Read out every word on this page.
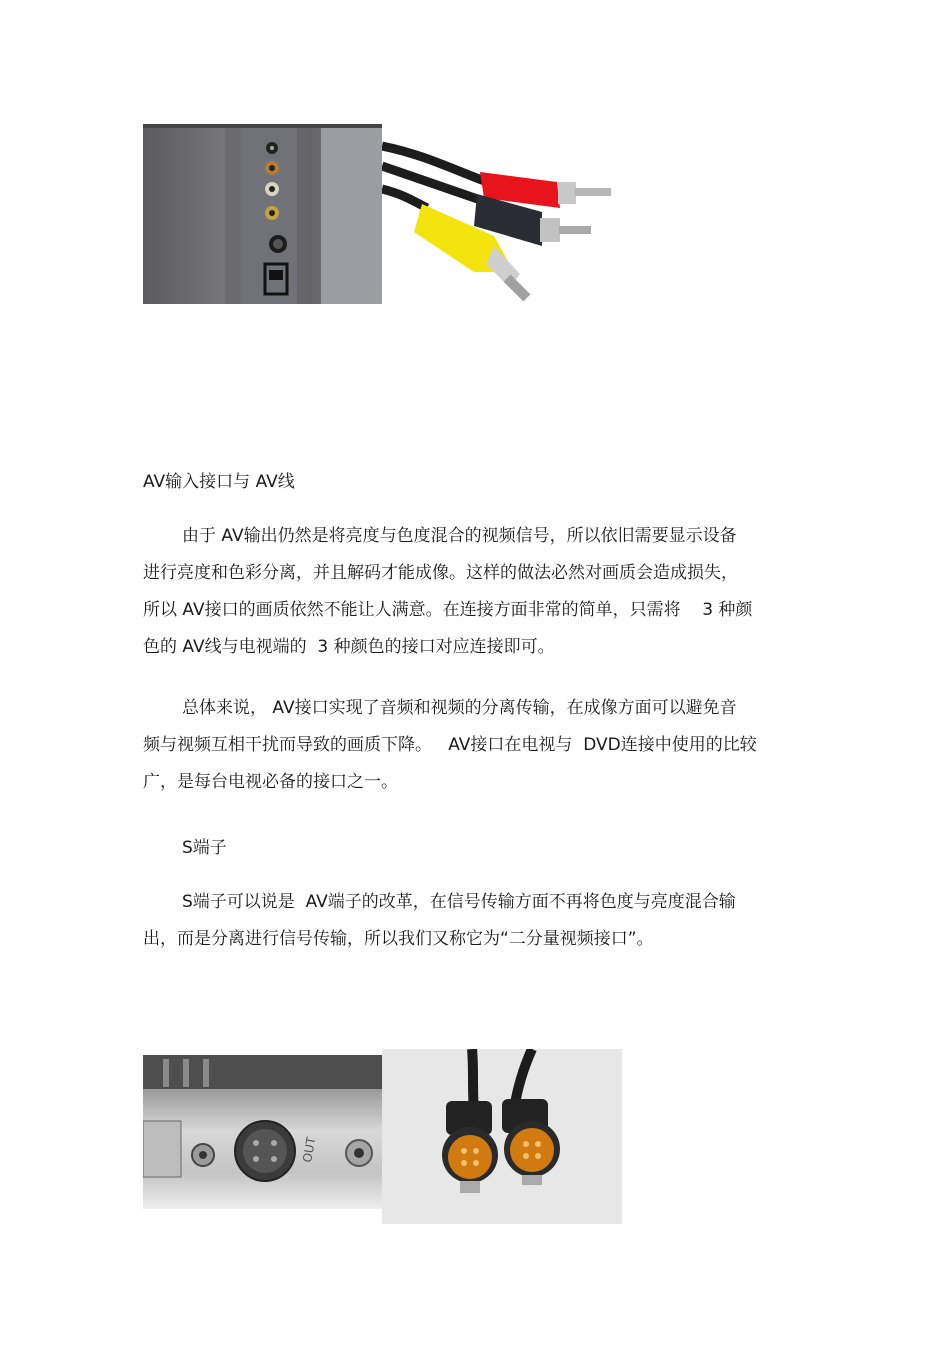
AV输入接口与 AV线
由于 AV输出仍然是将亮度与色度混合的视频信号，所以依旧需要显示设备
进行亮度和色彩分离，并且解码才能成像。这样的做法必然对画质会造成损失，
所以 AV接口的画质依然不能让人满意。在连接方面非常的简单，只需将    3 种颜
色的 AV线与电视端的  3 种颜色的接口对应连接即可。
总体来说， AV接口实现了音频和视频的分离传输，在成像方面可以避免音
频与视频互相干扰而导致的画质下降。   AV接口在电视与  DVD连接中使用的比较
广，是每台电视必备的接口之一。
S端子
S端子可以说是  AV端子的改革，在信号传输方面不再将色度与亮度混合输
出，而是分离进行信号传输，所以我们又称它为“二分量视频接口”。
OUT
